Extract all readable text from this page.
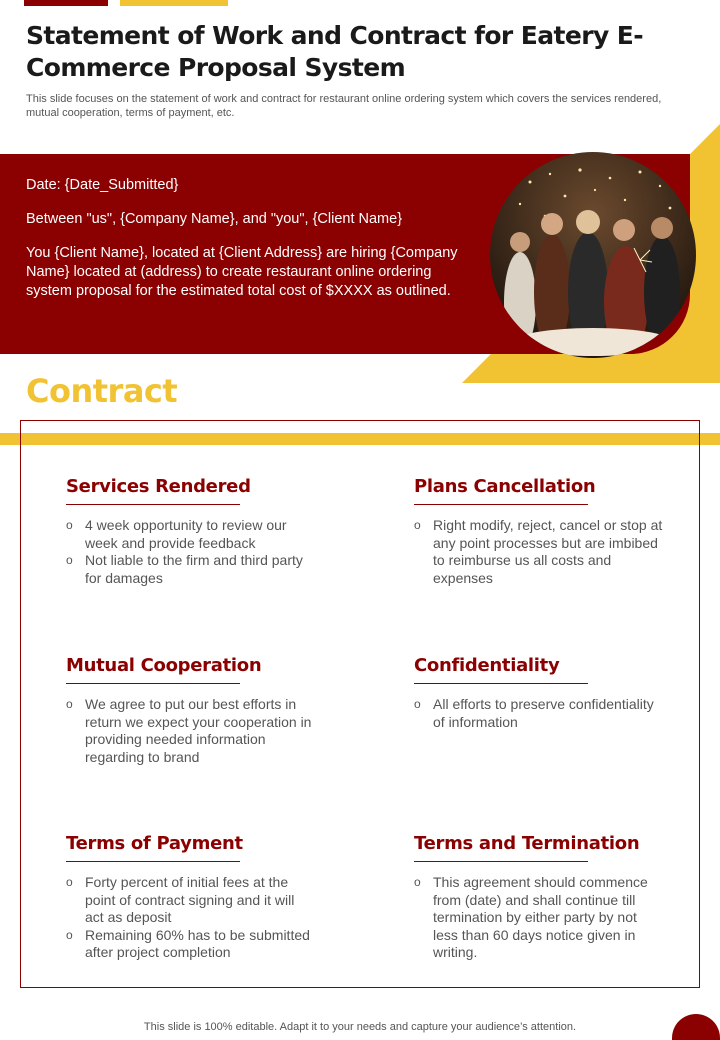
Statement of Work and Contract for Eatery E-Commerce Proposal System
This slide focuses on the statement of work and contract for restaurant online ordering system which covers the services rendered, mutual cooperation, terms of payment, etc.

Date: {Date_Submitted}

Between "us", {Company Name}, and "you", {Client Name}

You {Client Name}, located at {Client Address} are hiring {Company Name} located at (address) to create restaurant online ordering system proposal for the estimated total cost of $XXXX as outlined.

Contract
Services Rendered
o 4 week opportunity to review our week and provide feedback
o Not liable to the firm and third party for damages
Plans Cancellation
o Right modify, reject, cancel or stop at any point processes but are imbibed to reimburse us all costs and expenses
Mutual Cooperation
o We agree to put our best efforts in return we expect your cooperation in providing needed information regarding to brand
Confidentiality
o All efforts to preserve confidentiality of information
Terms of Payment
o Forty percent of initial fees at the point of contract signing and it will act as deposit
o Remaining 60% has to be submitted after project completion
Terms and Termination
o This agreement should commence from (date) and shall continue till termination by either party by not less than 60 days notice given in writing.
This slide is 100% editable. Adapt it to your needs and capture your audience’s attention.
